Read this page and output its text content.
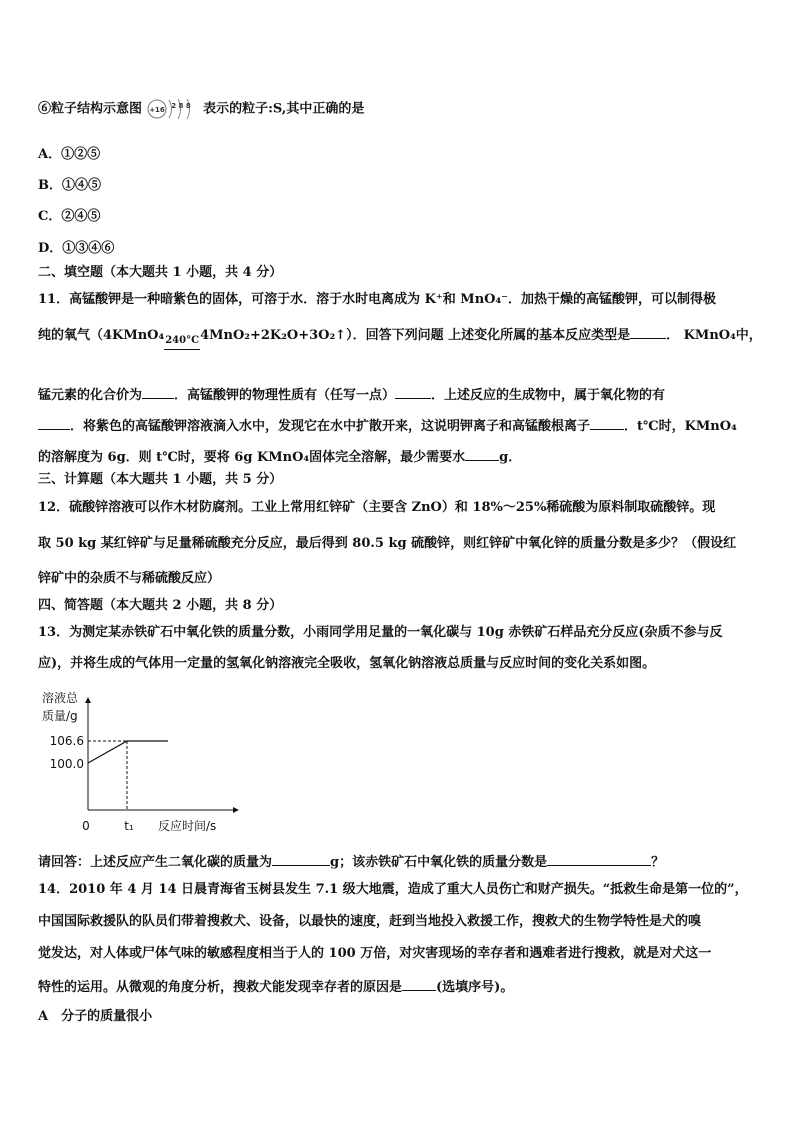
⑥粒子结构示意图 +16 2 8 8 表示的粒子:S,其中正确的是
A．①②⑤
B．①④⑤
C．②④⑤
D．①③④⑥
二、填空题（本大题共 1 小题，共 4 分）
11．高锰酸钾是一种暗紫色的固体，可溶于水．溶于水时电离成为 K⁺和 MnO₄⁻．加热干燥的高锰酸钾，可以制得极
纯的氧气（4KMnO₄240°C4MnO₂+2K₂O+3O₂↑）．回答下列问题 上述变化所属的基本反应类型是	． KMnO₄中，
锰元素的化合价为 ．高锰酸钾的物理性质有（任写一点）	．上述反应的生成物中，属于氧化物的有
．将紫色的高锰酸钾溶液滴入水中，发现它在水中扩散开来，这说明钾离子和高锰酸根离子	．t℃时，KMnO₄
的溶解度为 6g．则 t℃时，要将 6g KMnO₄固体完全溶解，最少需要水	g．
三、计算题（本大题共 1 小题，共 5 分）
12．硫酸锌溶液可以作木材防腐剂。工业上常用红锌矿（主要含 ZnO）和 18%～25%稀硫酸为原料制取硫酸锌。现
取 50 kg 某红锌矿与足量稀硫酸充分反应，最后得到 80.5 kg 硫酸锌，则红锌矿中氧化锌的质量分数是多少？（假设红
锌矿中的杂质不与稀硫酸反应）
四、简答题（本大题共 2 小题，共 8 分）
13．为测定某赤铁矿石中氧化铁的质量分数，小雨同学用足量的一氧化碳与 10g 赤铁矿石样品充分反应(杂质不参与反
应)，并将生成的气体用一定量的氢氧化钠溶液完全吸收，氢氧化钠溶液总质量与反应时间的变化关系如图。
溶液总
质量/g
106.6
100.0
0	t₁ 反应时间/s
请回答：上述反应产生二氧化碳的质量为	g；该赤铁矿石中氧化铁的质量分数是	？
14．2010 年 4 月 14 日晨青海省玉树县发生 7.1 级大地震，造成了重大人员伤亡和财产损失。“抵救生命是第一位的”，
中国国际救援队的队员们带着搜救犬、设备，以最快的速度，赶到当地投入救援工作，搜救犬的生物学特性是犬的嗅
觉发达，对人体或尸体气味的敏感程度相当于人的 100 万倍，对灾害现场的幸存者和遇难者进行搜救，就是对犬这一
特性的运用。从微观的角度分析，搜救犬能发现幸存者的原因是	(选填序号)。
A　分子的质量很小
